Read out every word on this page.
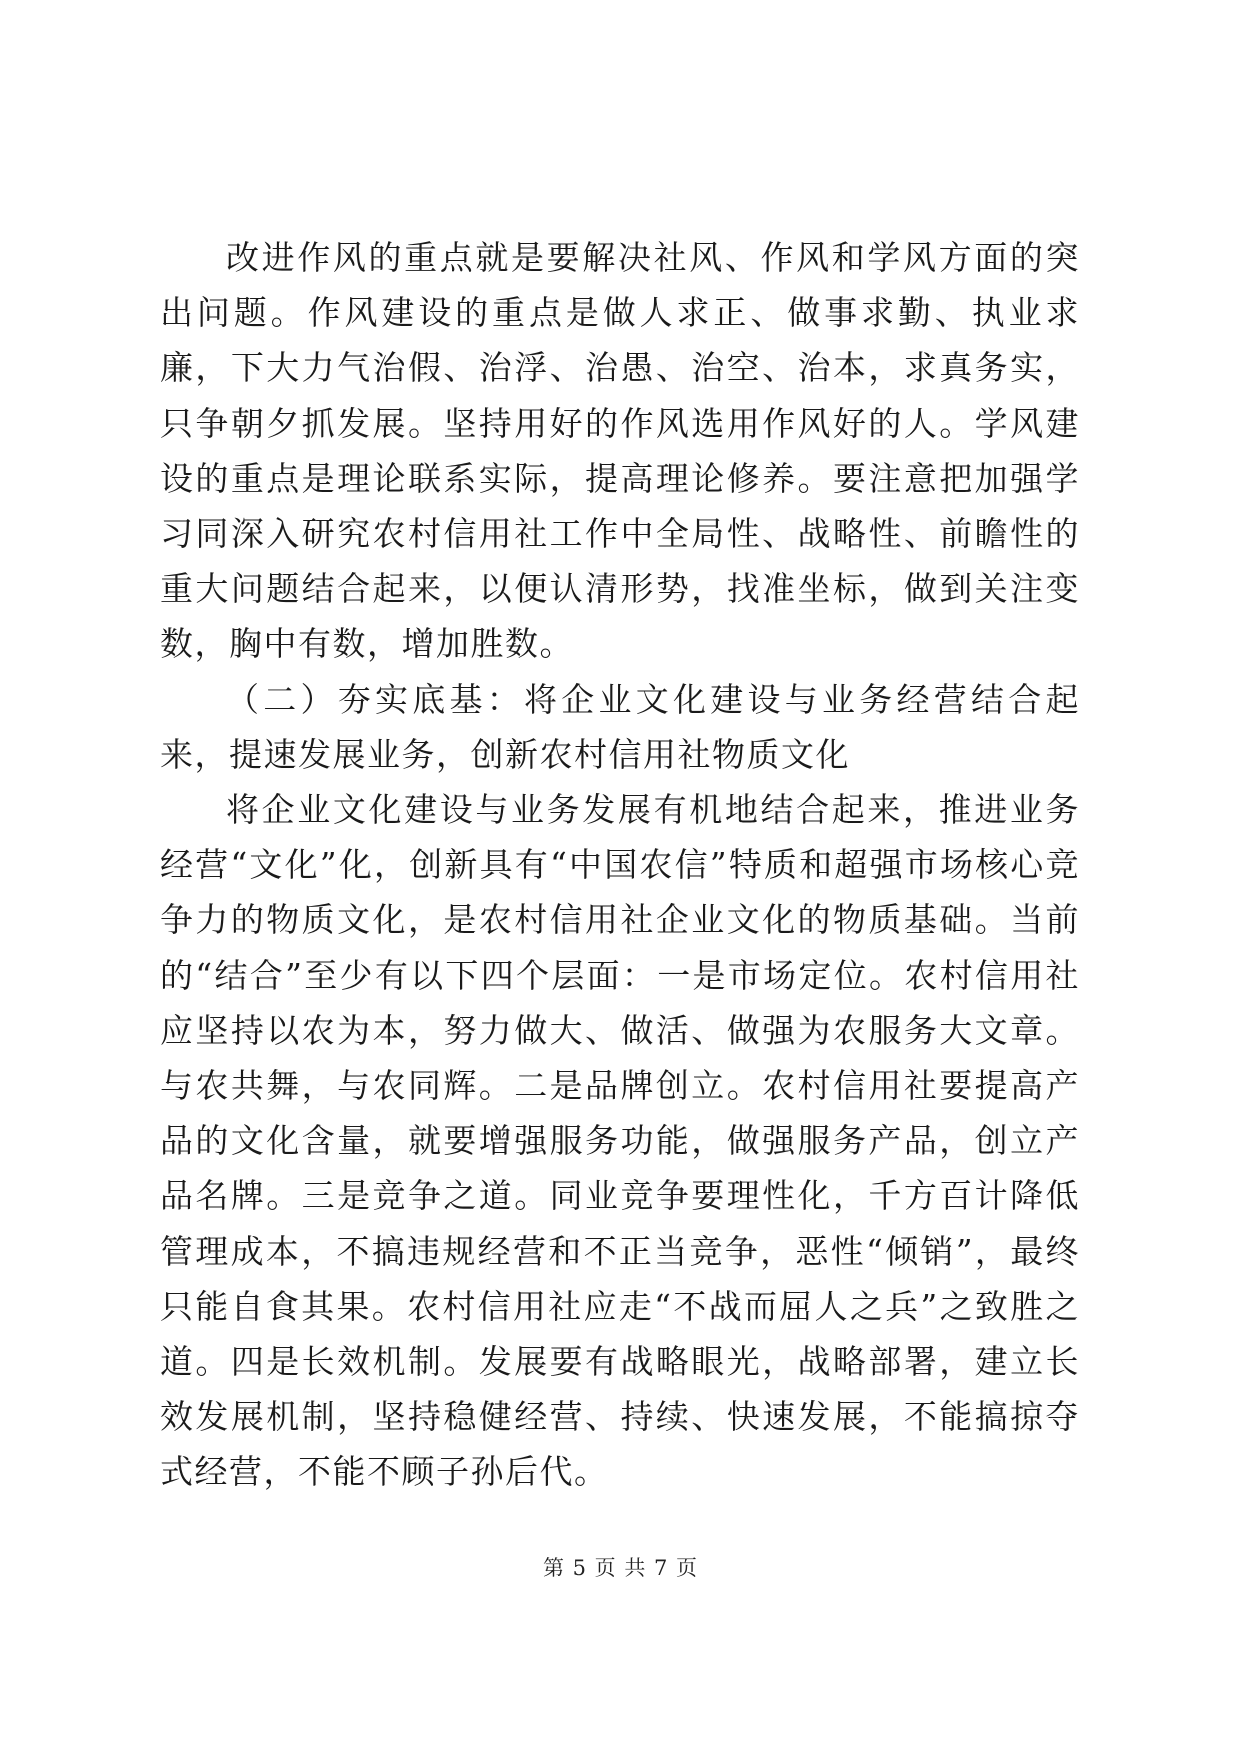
改进作风的重点就是要解决社风、作风和学风方面的突出问题。作风建设的重点是做人求正、做事求勤、执业求廉，下大力气治假、治浮、治愚、治空、治本，求真务实，只争朝夕抓发展。坚持用好的作风选用作风好的人。学风建设的重点是理论联系实际，提高理论修养。要注意把加强学习同深入研究农村信用社工作中全局性、战略性、前瞻性的重大问题结合起来，以便认清形势，找准坐标，做到关注变数，胸中有数，增加胜数。

（二）夯实底基：将企业文化建设与业务经营结合起来，提速发展业务，创新农村信用社物质文化

将企业文化建设与业务发展有机地结合起来，推进业务经营“文化”化，创新具有“中国农信”特质和超强市场核心竞争力的物质文化，是农村信用社企业文化的物质基础。当前的“结合”至少有以下四个层面：一是市场定位。农村信用社应坚持以农为本，努力做大、做活、做强为农服务大文章。与农共舞，与农同辉。二是品牌创立。农村信用社要提高产品的文化含量，就要增强服务功能，做强服务产品，创立产品名牌。三是竞争之道。同业竞争要理性化，千方百计降低管理成本，不搞违规经营和不正当竞争，恶性“倾销”，最终只能自食其果。农村信用社应走“不战而屈人之兵”之致胜之道。四是长效机制。发展要有战略眼光，战略部署，建立长效发展机制，坚持稳健经营、持续、快速发展，不能搞掠夺式经营，不能不顾子孙后代。

第 5 页 共 7 页
